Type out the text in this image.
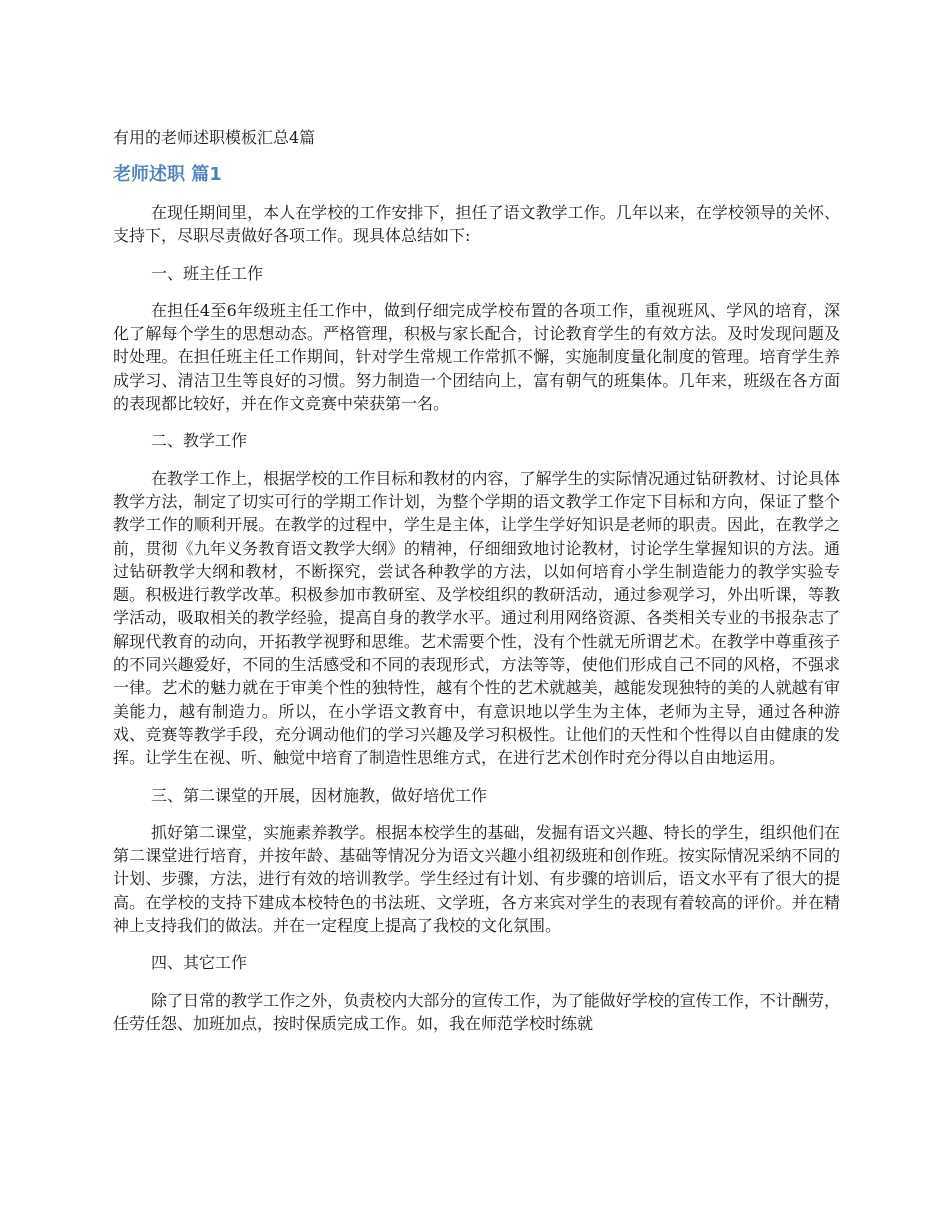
有用的老师述职模板汇总4篇

老师述职 篇1

在现任期间里，本人在学校的工作安排下，担任了语文教学工作。几年以来，在学校领导的关怀、支持下，尽职尽责做好各项工作。现具体总结如下:

一、班主任工作

在担任4至6年级班主任工作中，做到仔细完成学校布置的各项工作，重视班风、学风的培育，深化了解每个学生的思想动态。严格管理，积极与家长配合，讨论教育学生的有效方法。及时发现问题及时处理。在担任班主任工作期间，针对学生常规工作常抓不懈，实施制度量化制度的管理。培育学生养成学习、清洁卫生等良好的习惯。努力制造一个团结向上，富有朝气的班集体。几年来，班级在各方面的表现都比较好，并在作文竞赛中荣获第一名。

二、教学工作

在教学工作上，根据学校的工作目标和教材的内容，了解学生的实际情况通过钻研教材、讨论具体教学方法，制定了切实可行的学期工作计划，为整个学期的语文教学工作定下目标和方向，保证了整个教学工作的顺利开展。在教学的过程中，学生是主体，让学生学好知识是老师的职责。因此，在教学之前，贯彻《九年义务教育语文教学大纲》的精神，仔细细致地讨论教材，讨论学生掌握知识的方法。通过钻研教学大纲和教材，不断探究，尝试各种教学的方法，以如何培育小学生制造能力的教学实验专题。积极进行教学改革。积极参加市教研室、及学校组织的教研活动，通过参观学习，外出听课，等教学活动，吸取相关的教学经验，提高自身的教学水平。通过利用网络资源、各类相关专业的书报杂志了解现代教育的动向，开拓教学视野和思维。艺术需要个性，没有个性就无所谓艺术。在教学中尊重孩子的不同兴趣爱好，不同的生活感受和不同的表现形式，方法等等，使他们形成自己不同的风格，不强求一律。艺术的魅力就在于审美个性的独特性，越有个性的艺术就越美，越能发现独特的美的人就越有审美能力，越有制造力。所以，在小学语文教育中，有意识地以学生为主体，老师为主导，通过各种游戏、竞赛等教学手段，充分调动他们的学习兴趣及学习积极性。让他们的天性和个性得以自由健康的发挥。让学生在视、听、触觉中培育了制造性思维方式，在进行艺术创作时充分得以自由地运用。

三、第二课堂的开展，因材施教，做好培优工作

抓好第二课堂，实施素养教学。根据本校学生的基础，发掘有语文兴趣、特长的学生，组织他们在第二课堂进行培育，并按年龄、基础等情况分为语文兴趣小组初级班和创作班。按实际情况采纳不同的计划、步骤，方法，进行有效的培训教学。学生经过有计划、有步骤的培训后，语文水平有了很大的提高。在学校的支持下建成本校特色的书法班、文学班，各方来宾对学生的表现有着较高的评价。并在精神上支持我们的做法。并在一定程度上提高了我校的文化氛围。

四、其它工作

除了日常的教学工作之外，负责校内大部分的宣传工作，为了能做好学校的宣传工作，不计酬劳，任劳任怨、加班加点，按时保质完成工作。如，我在师范学校时练就
